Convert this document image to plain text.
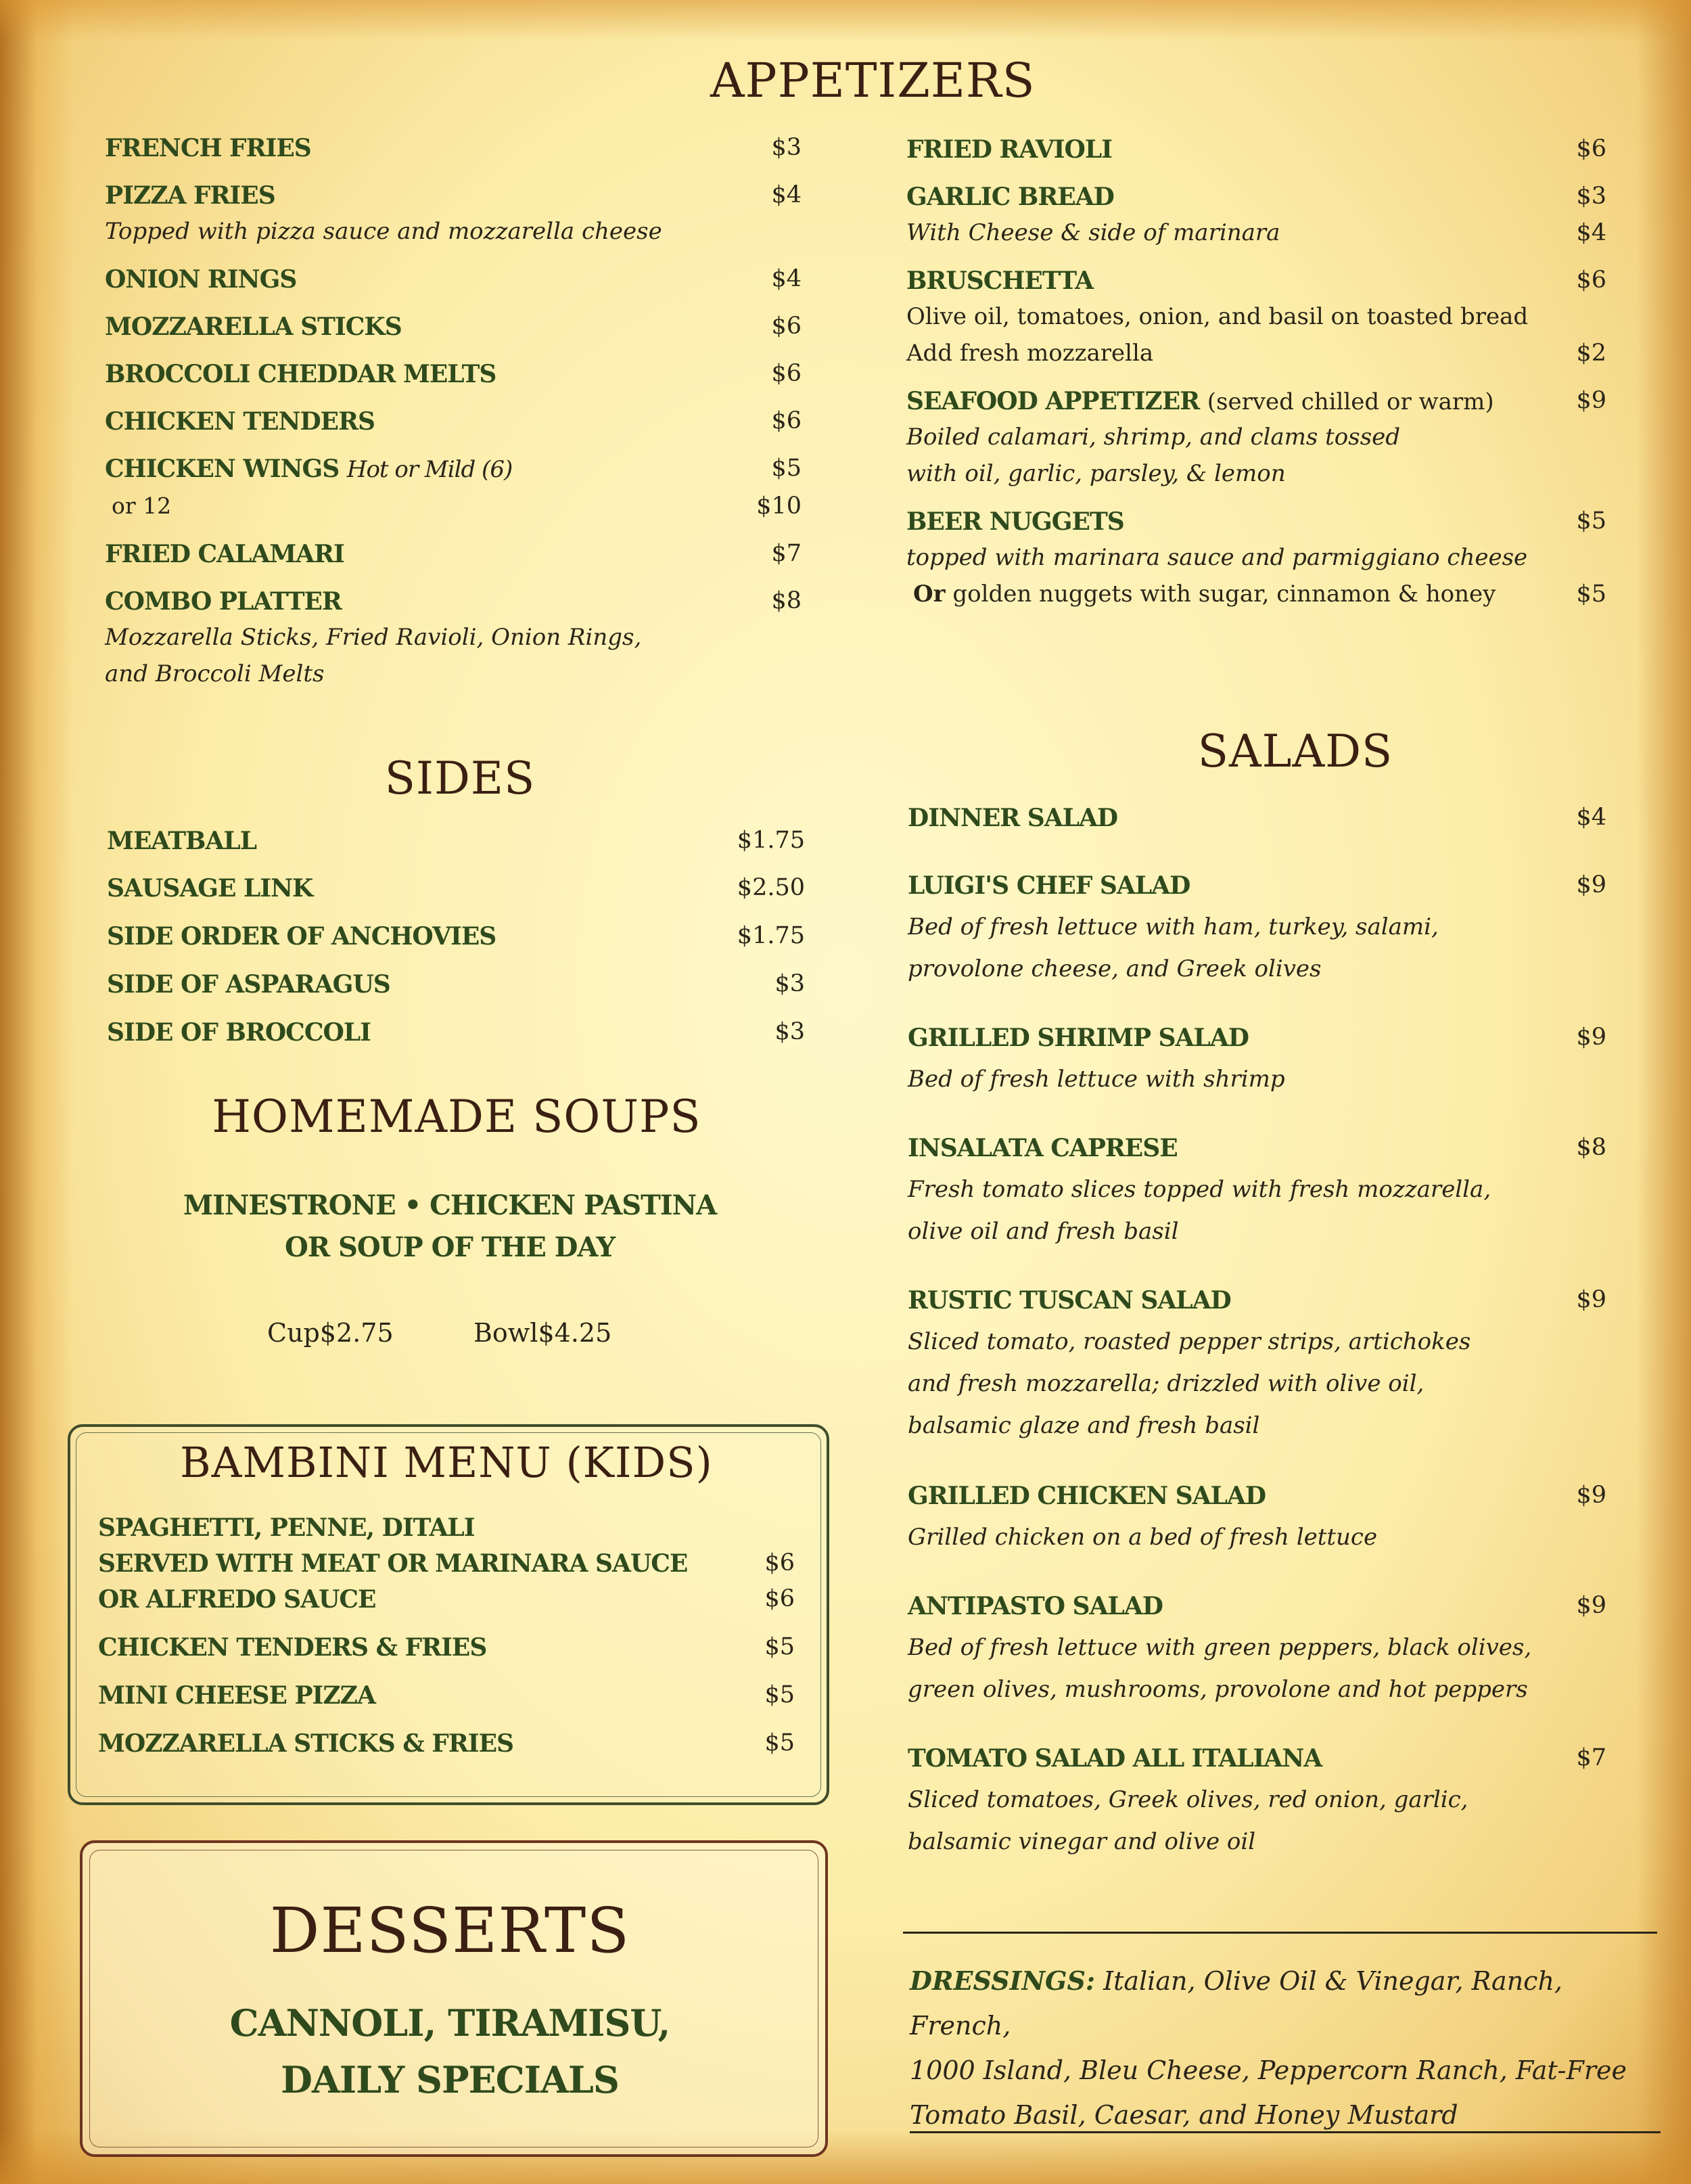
APPETIZERS
FRENCH FRIES	$3
PIZZA FRIES	$4
Topped with pizza sauce and mozzarella cheese
ONION RINGS	$4
MOZZARELLA STICKS	$6
BROCCOLI CHEDDAR MELTS	$6
CHICKEN TENDERS	$6
CHICKEN WINGS Hot or Mild (6)	$5
or 12	$10
FRIED CALAMARI	$7
COMBO PLATTER	$8
Mozzarella Sticks, Fried Ravioli, Onion Rings,
and Broccoli Melts
FRIED RAVIOLI	$6
GARLIC BREAD	$3
With Cheese & side of marinara	$4
BRUSCHETTA	$6
Olive oil, tomatoes, onion, and basil on toasted bread
Add fresh mozzarella	$2
SEAFOOD APPETIZER (served chilled or warm)	$9
Boiled calamari, shrimp, and clams tossed
with oil, garlic, parsley, & lemon
BEER NUGGETS	$5
topped with marinara sauce and parmiggiano cheese
Or golden nuggets with sugar, cinnamon & honey	$5
SIDES
MEATBALL	$1.75
SAUSAGE LINK	$2.50
SIDE ORDER OF ANCHOVIES	$1.75
SIDE OF ASPARAGUS	$3
SIDE OF BROCCOLI	$3
HOMEMADE SOUPS
MINESTRONE • CHICKEN PASTINA
OR SOUP OF THE DAY
Cup$2.75	Bowl$4.25
BAMBINI MENU (KIDS)
SPAGHETTI, PENNE, DITALI
SERVED WITH MEAT OR MARINARA SAUCE	$6
OR ALFREDO SAUCE	$6
CHICKEN TENDERS & FRIES	$5
MINI CHEESE PIZZA	$5
MOZZARELLA STICKS & FRIES	$5
DESSERTS
CANNOLI, TIRAMISU,
DAILY SPECIALS
SALADS
DINNER SALAD	$4
LUIGI'S CHEF SALAD	$9
Bed of fresh lettuce with ham, turkey, salami,
provolone cheese, and Greek olives
GRILLED SHRIMP SALAD	$9
Bed of fresh lettuce with shrimp
INSALATA CAPRESE	$8
Fresh tomato slices topped with fresh mozzarella,
olive oil and fresh basil
RUSTIC TUSCAN SALAD	$9
Sliced tomato, roasted pepper strips, artichokes
and fresh mozzarella; drizzled with olive oil,
balsamic glaze and fresh basil
GRILLED CHICKEN SALAD	$9
Grilled chicken on a bed of fresh lettuce
ANTIPASTO SALAD	$9
Bed of fresh lettuce with green peppers, black olives,
green olives, mushrooms, provolone and hot peppers
TOMATO SALAD ALL ITALIANA	$7
Sliced tomatoes, Greek olives, red onion, garlic,
balsamic vinegar and olive oil
DRESSINGS: Italian, Olive Oil & Vinegar, Ranch, French,
1000 Island, Bleu Cheese, Peppercorn Ranch, Fat-Free
Tomato Basil, Caesar, and Honey Mustard
